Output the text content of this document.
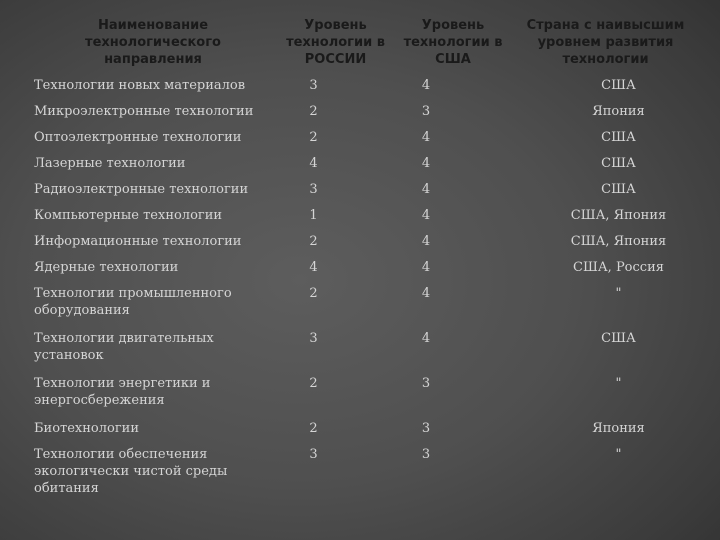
Наименование технологического направления	Уровень технологии в РОССИИ	Уровень технологии в США	Страна с наивысшим уровнем развития технологии
Технологии новых материалов	3	4	США
Микроэлектронные технологии	2	3	Япония
Оптоэлектронные технологии	2	4	США
Лазерные технологии	4	4	США
Радиоэлектронные технологии	3	4	США
Компьютерные технологии	1	4	США, Япония
Информационные технологии	2	4	США, Япония
Ядерные технологии	4	4	США, Россия
Технологии промышленного оборудования	2	4	"
Технологии двигательных установок	3	4	США
Технологии энергетики и энергосбережения	2	3	"
Биотехнологии	2	3	Япония
Технологии обеспечения экологически чистой среды обитания	3	3	"
